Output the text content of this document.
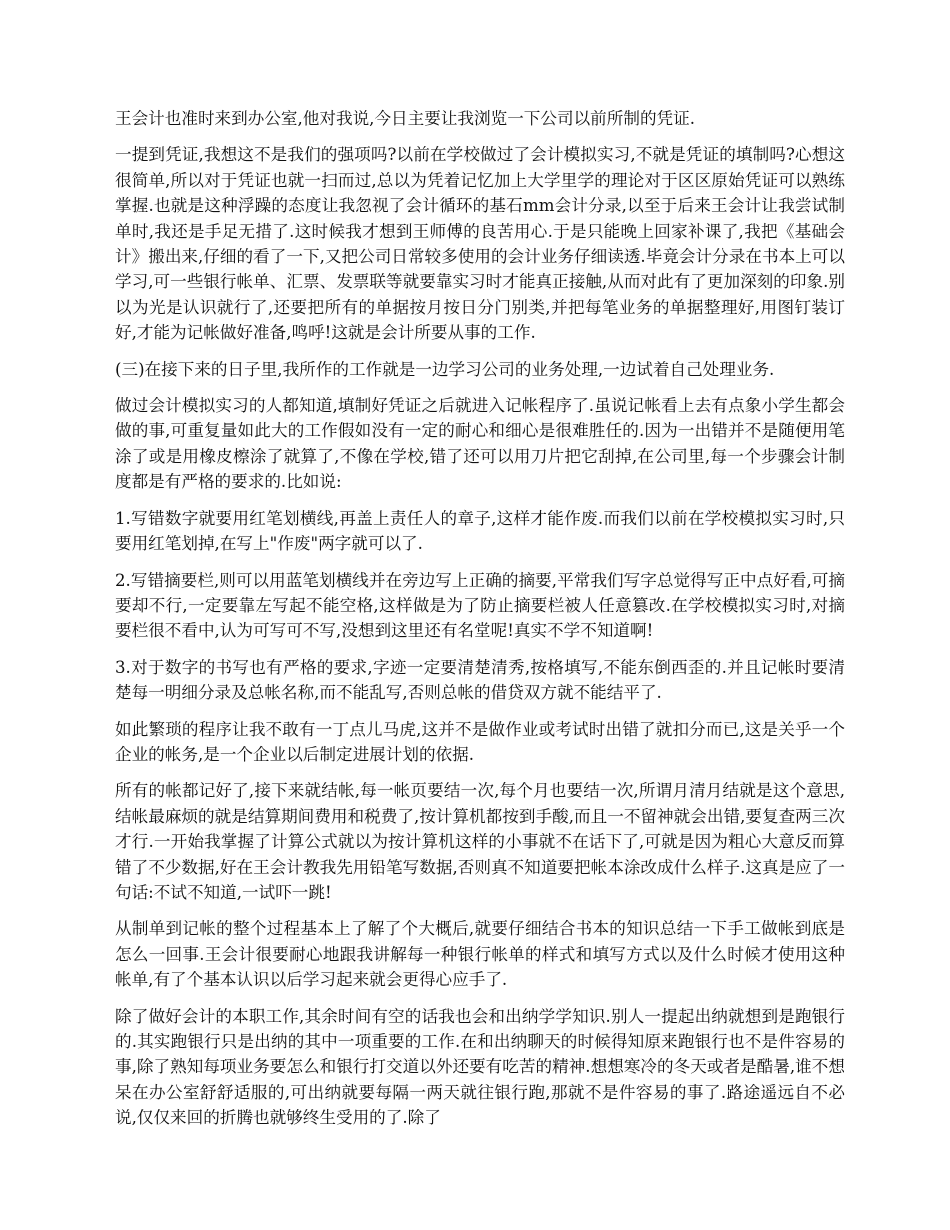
王会计也准时来到办公室,他对我说,今日主要让我浏览一下公司以前所制的凭证.

一提到凭证,我想这不是我们的强项吗?以前在学校做过了会计模拟实习,不就是凭证的填制吗?心想这很简单,所以对于凭证也就一扫而过,总以为凭着记忆加上大学里学的理论对于区区原始凭证可以熟练掌握.也就是这种浮躁的态度让我忽视了会计循环的基石mm会计分录,以至于后来王会计让我尝试制单时,我还是手足无措了.这时候我才想到王师傅的良苦用心.于是只能晚上回家补课了,我把《基础会计》搬出来,仔细的看了一下,又把公司日常较多使用的会计业务仔细读透.毕竟会计分录在书本上可以学习,可一些银行帐单、汇票、发票联等就要靠实习时才能真正接触,从而对此有了更加深刻的印象.别以为光是认识就行了,还要把所有的单据按月按日分门别类,并把每笔业务的单据整理好,用图钉装订好,才能为记帐做好准备,鸣呼!这就是会计所要从事的工作.

(三)在接下来的日子里,我所作的工作就是一边学习公司的业务处理,一边试着自己处理业务.

做过会计模拟实习的人都知道,填制好凭证之后就进入记帐程序了.虽说记帐看上去有点象小学生都会做的事,可重复量如此大的工作假如没有一定的耐心和细心是很难胜任的.因为一出错并不是随便用笔涂了或是用橡皮檫涂了就算了,不像在学校,错了还可以用刀片把它刮掉,在公司里,每一个步骤会计制度都是有严格的要求的.比如说:

1.写错数字就要用红笔划横线,再盖上责任人的章子,这样才能作废.而我们以前在学校模拟实习时,只要用红笔划掉,在写上"作废"两字就可以了.

2.写错摘要栏,则可以用蓝笔划横线并在旁边写上正确的摘要,平常我们写字总觉得写正中点好看,可摘要却不行,一定要靠左写起不能空格,这样做是为了防止摘要栏被人任意篡改.在学校模拟实习时,对摘要栏很不看中,认为可写可不写,没想到这里还有名堂呢!真实不学不知道啊!

3.对于数字的书写也有严格的要求,字迹一定要清楚清秀,按格填写,不能东倒西歪的.并且记帐时要清楚每一明细分录及总帐名称,而不能乱写,否则总帐的借贷双方就不能结平了.

如此繁琐的程序让我不敢有一丁点儿马虎,这并不是做作业或考试时出错了就扣分而已,这是关乎一个企业的帐务,是一个企业以后制定进展计划的依据.

所有的帐都记好了,接下来就结帐,每一帐页要结一次,每个月也要结一次,所谓月清月结就是这个意思,结帐最麻烦的就是结算期间费用和税费了,按计算机都按到手酸,而且一不留神就会出错,要复查两三次才行.一开始我掌握了计算公式就以为按计算机这样的小事就不在话下了,可就是因为粗心大意反而算错了不少数据,好在王会计教我先用铅笔写数据,否则真不知道要把帐本涂改成什么样子.这真是应了一句话:不试不知道,一试吓一跳!

从制单到记帐的整个过程基本上了解了个大概后,就要仔细结合书本的知识总结一下手工做帐到底是怎么一回事.王会计很要耐心地跟我讲解每一种银行帐单的样式和填写方式以及什么时候才使用这种帐单,有了个基本认识以后学习起来就会更得心应手了.

除了做好会计的本职工作,其余时间有空的话我也会和出纳学学知识.别人一提起出纳就想到是跑银行的.其实跑银行只是出纳的其中一项重要的工作.在和出纳聊天的时候得知原来跑银行也不是件容易的事,除了熟知每项业务要怎么和银行打交道以外还要有吃苦的精神.想想寒冷的冬天或者是酷暑,谁不想呆在办公室舒舒适服的,可出纳就要每隔一两天就往银行跑,那就不是件容易的事了.路途遥远自不必说,仅仅来回的折腾也就够终生受用的了.除了
